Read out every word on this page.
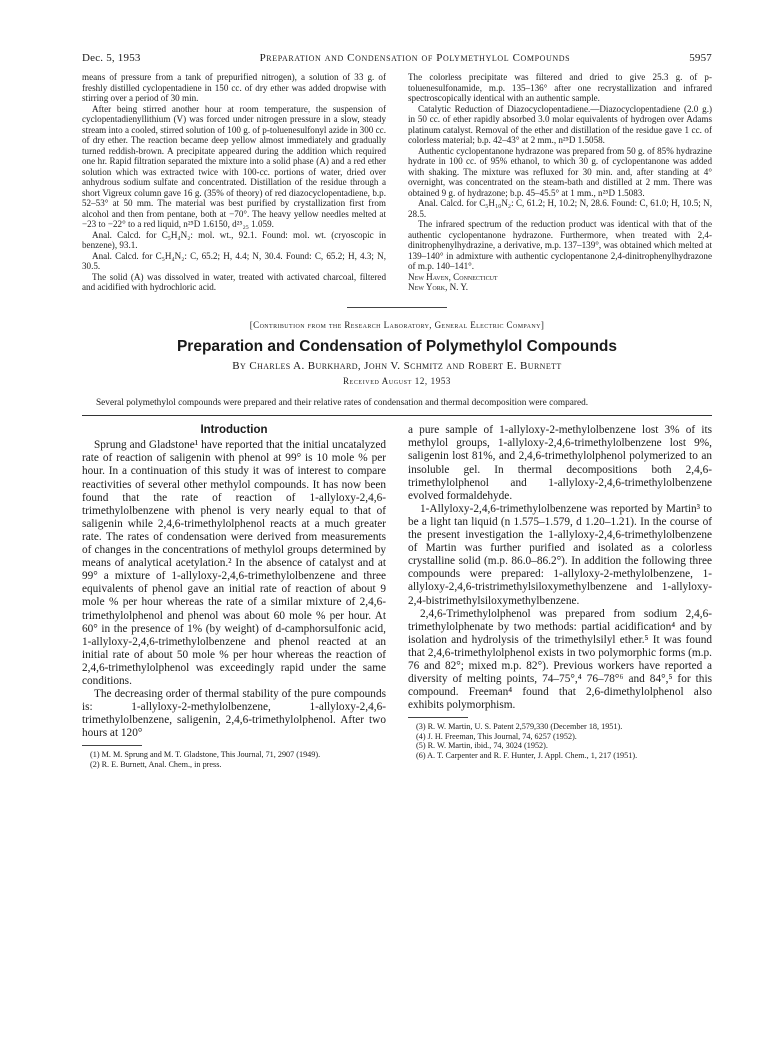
Dec. 5, 1953	Preparation and Condensation of Polymethylol Compounds	5957

means of pressure from a tank of prepurified nitrogen), a solution of 33 g. of freshly distilled cyclopentadiene in 150 cc. of dry ether was added dropwise with stirring over a period of 30 min.

After being stirred another hour at room temperature, the suspension of cyclopentadienyllithium (V) was forced under nitrogen pressure in a slow, steady stream into a cooled, stirred solution of 100 g. of p-toluenesulfonyl azide in 300 cc. of dry ether. The reaction became deep yellow almost immediately and gradually turned reddish-brown. A precipitate appeared during the addition which required one hr. Rapid filtration separated the mixture into a solid phase (A) and a red ether solution which was extracted twice with 100-cc. portions of water, dried over anhydrous sodium sulfate and concentrated. Distillation of the residue through a short Vigreux column gave 16 g. (35% of theory) of red diazocyclopentadiene, b.p. 52–53° at 50 mm. The material was best purified by crystallization first from alcohol and then from pentane, both at −70°. The heavy yellow needles melted at −23 to −22° to a red liquid, n²⁵D 1.6150, d²⁵₂₅ 1.059.

Anal. Calcd. for C₅H₄N₂: mol. wt., 92.1. Found: mol. wt. (cryoscopic in benzene), 93.1.

Anal. Calcd. for C₅H₄N₂: C, 65.2; H, 4.4; N, 30.4. Found: C, 65.2; H, 4.3; N, 30.5.

The solid (A) was dissolved in water, treated with activated charcoal, filtered and acidified with hydrochloric acid.

The colorless precipitate was filtered and dried to give 25.3 g. of p-toluenesulfonamide, m.p. 135–136° after one recrystallization and infrared spectroscopically identical with an authentic sample.

Catalytic Reduction of Diazocyclopentadiene.—Diazocyclopentadiene (2.0 g.) in 50 cc. of ether rapidly absorbed 3.0 molar equivalents of hydrogen over Adams platinum catalyst. Removal of the ether and distillation of the residue gave 1 cc. of colorless material; b.p. 42–43° at 2 mm., n²⁵D 1.5058.

Authentic cyclopentanone hydrazone was prepared from 50 g. of 85% hydrazine hydrate in 100 cc. of 95% ethanol, to which 30 g. of cyclopentanone was added with shaking. The mixture was refluxed for 30 min. and, after standing at 4° overnight, was concentrated on the steam-bath and distilled at 2 mm. There was obtained 9 g. of hydrazone; b.p. 45–45.5° at 1 mm., n²⁵D 1.5083.

Anal. Calcd. for C₅H₁₀N₂: C, 61.2; H, 10.2; N, 28.6. Found: C, 61.0; H, 10.5; N, 28.5.

The infrared spectrum of the reduction product was identical with that of the authentic cyclopentanone hydrazone. Furthermore, when treated with 2,4-dinitrophenylhydrazine, a derivative, m.p. 137–139°, was obtained which melted at 139–140° in admixture with authentic cyclopentanone 2,4-dinitrophenylhydrazone of m.p. 140–141°.

New Haven, Connecticut

New York, N. Y.

[Contribution from the Research Laboratory, General Electric Company]

Preparation and Condensation of Polymethylol Compounds

By Charles A. Burkhard, John V. Schmitz and Robert E. Burnett

Received August 12, 1953

Several polymethylol compounds were prepared and their relative rates of condensation and thermal decomposition were compared.

Introduction

Sprung and Gladstone¹ have reported that the initial uncatalyzed rate of reaction of saligenin with phenol at 99° is 10 mole % per hour. In a continuation of this study it was of interest to compare reactivities of several other methylol compounds. It has now been found that the rate of reaction of 1-allyloxy-2,4,6-trimethylolbenzene with phenol is very nearly equal to that of saligenin while 2,4,6-trimethylolphenol reacts at a much greater rate. The rates of condensation were derived from measurements of changes in the concentrations of methylol groups determined by means of analytical acetylation.² In the absence of catalyst and at 99° a mixture of 1-allyloxy-2,4,6-trimethylolbenzene and three equivalents of phenol gave an initial rate of reaction of about 9 mole % per hour whereas the rate of a similar mixture of 2,4,6-trimethylolphenol and phenol was about 60 mole % per hour. At 60° in the presence of 1% (by weight) of d-camphorsulfonic acid, 1-allyloxy-2,4,6-trimethylolbenzene and phenol reacted at an initial rate of about 50 mole % per hour whereas the reaction of 2,4,6-trimethylolphenol was exceedingly rapid under the same conditions.

The decreasing order of thermal stability of the pure compounds is: 1-allyloxy-2-methylolbenzene, 1-allyloxy-2,4,6-trimethylolbenzene, saligenin, 2,4,6-trimethylolphenol. After two hours at 120°

(1) M. M. Sprung and M. T. Gladstone, This Journal, 71, 2907 (1949).

(2) R. E. Burnett, Anal. Chem., in press.

a pure sample of 1-allyloxy-2-methylolbenzene lost 3% of its methylol groups, 1-allyloxy-2,4,6-trimethylolbenzene lost 9%, saligenin lost 81%, and 2,4,6-trimethylolphenol polymerized to an insoluble gel. In thermal decompositions both 2,4,6-trimethylolphenol and 1-allyloxy-2,4,6-trimethylolbenzene evolved formaldehyde.

1-Allyloxy-2,4,6-trimethylolbenzene was reported by Martin³ to be a light tan liquid (n 1.575–1.579, d 1.20–1.21). In the course of the present investigation the 1-allyloxy-2,4,6-trimethylolbenzene of Martin was further purified and isolated as a colorless crystalline solid (m.p. 86.0–86.2°). In addition the following three compounds were prepared: 1-allyloxy-2-methylolbenzene, 1-allyloxy-2,4,6-tristrimethylsiloxymethylbenzene and 1-allyloxy-2,4-bistrimethylsiloxymethylbenzene.

2,4,6-Trimethylolphenol was prepared from sodium 2,4,6-trimethylolphenate by two methods: partial acidification⁴ and by isolation and hydrolysis of the trimethylsilyl ether.⁵ It was found that 2,4,6-trimethylolphenol exists in two polymorphic forms (m.p. 76 and 82°; mixed m.p. 82°). Previous workers have reported a diversity of melting points, 74–75°,⁴ 76–78°⁶ and 84°,⁵ for this compound. Freeman⁴ found that 2,6-dimethylolphenol also exhibits polymorphism.

(3) R. W. Martin, U. S. Patent 2,579,330 (December 18, 1951).

(4) J. H. Freeman, This Journal, 74, 6257 (1952).

(5) R. W. Martin, ibid., 74, 3024 (1952).

(6) A. T. Carpenter and R. F. Hunter, J. Appl. Chem., 1, 217 (1951).
